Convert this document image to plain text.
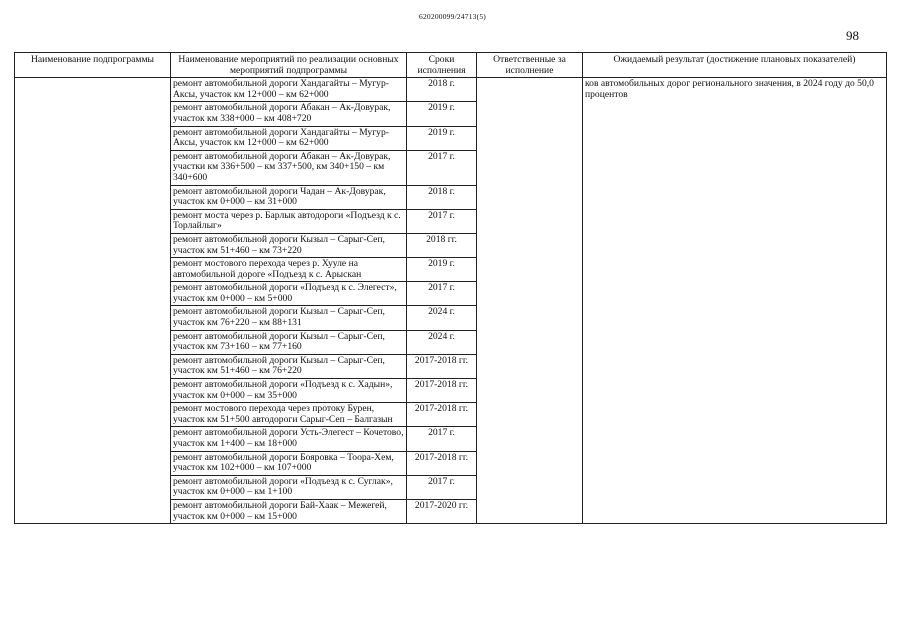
620200099/24713(5)
98
Наименование подпрограммы	Наименование мероприятий по реализации основных мероприятий подпрограммы	Сроки исполнения	Ответственные за исполнение	Ожидаемый результат (достижение плановых показателей)
	ремонт автомобильной дороги Хандагайты – Мугур-Аксы, участок км 12+000 – км 62+000	2018 г.		ков автомобильных дорог регионального значения, в 2024 году до 50,0 процентов
	ремонт автомобильной дороги Абакан – Ак-Довурак, участок км 338+000 – км 408+720	2019 г.		
	ремонт автомобильной дороги Хандагайты – Мугур-Аксы, участок км 12+000 – км 62+000	2019 г.		
	ремонт автомобильной дороги Абакан – Ак-Довурак, участки км 336+500 – км 337+500, км 340+150 – км 340+600	2017 г.		
	ремонт автомобильной дороги Чадан – Ак-Довурак, участок км 0+000 – км 31+000	2018 г.		
	ремонт моста через р. Барлык автодороги «Подъезд к с. Торлайлыг»	2017 г.		
	ремонт автомобильной дороги Кызыл – Сарыг-Сеп, участок км 51+460 – км 73+220	2018 гг.		
	ремонт мостового перехода через р. Хууле на автомобильной дороге «Подъезд к с. Арыскан	2019 г.		
	ремонт автомобильной дороги «Подъезд к с. Элегест», участок км 0+000 – км 5+000	2017 г.		
	ремонт автомобильной дороги Кызыл – Сарыг-Сеп, участок км 76+220 – км 88+131	2024 г.		
	ремонт автомобильной дороги Кызыл – Сарыг-Сеп, участок км 73+160 – км 77+160	2024 г.		
	ремонт автомобильной дороги Кызыл – Сарыг-Сеп, участок км 51+460 – км 76+220	2017-2018 гг.		
	ремонт автомобильной дороги «Подъезд к с. Хадын», участок км 0+000 – км 35+000	2017-2018 гг.		
	ремонт мостового перехода через протоку Бурен, участок км 51+500 автодороги Сарыг-Сеп – Балгазын	2017-2018 гг.		
	ремонт автомобильной дороги Усть-Элегест – Кочетово, участок км 1+400 – км 18+000	2017 г.		
	ремонт автомобильной дороги Бояровка – Тоора-Хем, участок км 102+000 – км 107+000	2017-2018 гг.		
	ремонт автомобильной дороги «Подъезд к с. Суглак», участок км 0+000 – км 1+100	2017 г.		
	ремонт автомобильной дороги Бай-Хаак – Межегей, участок км 0+000 – км 15+000	2017-2020 гг.		
